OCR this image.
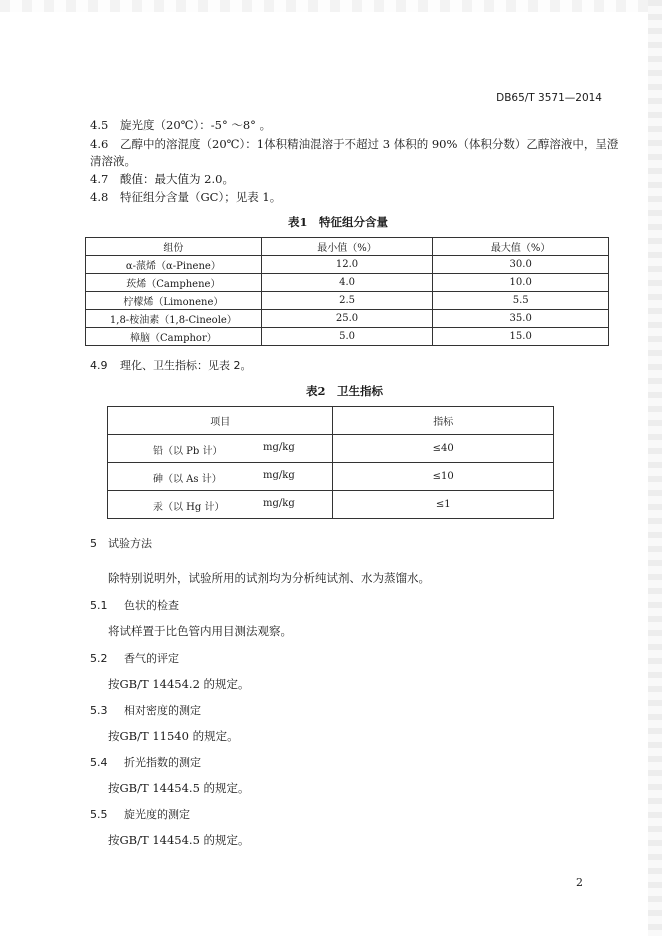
DB65/T 3571—2014
4.5 旋光度（20℃）：-5° ～8° 。
4.6 乙醇中的溶混度（20℃）：1体积精油混溶于不超过 3 体积的 90%（体积分数）乙醇溶液中，呈澄
清溶液。
4.7 酸值：最大值为 2.0。
4.8 特征组分含量（GC）；见表 1。
表1　特征组分含量
组份	最小值（%）	最大值（%）
α-蒎烯（α-Pinene）	12.0	30.0
莰烯（Camphene）	4.0	10.0
柠檬烯（Limonene）	2.5	5.5
1,8-桉油素（1,8-Cineole）	25.0	35.0
樟脑（Camphor）	5.0	15.0
4.9 理化、卫生指标：见表 2。
表2　卫生指标
项目	指标

铅（以 Pb 计） mg/kg	≤40

砷（以 As 计） mg/kg	≤10

汞（以 Hg 计） mg/kg	≤1
5 试验方法
除特别说明外，试验所用的试剂均为分析纯试剂、水为蒸馏水。
5.1 色状的检查
将试样置于比色管内用目测法观察。
5.2 香气的评定
按GB/T 14454.2 的规定。
5.3 相对密度的测定
按GB/T 11540 的规定。
5.4 折光指数的测定
按GB/T 14454.5 的规定。
5.5 旋光度的测定
按GB/T 14454.5 的规定。
2
